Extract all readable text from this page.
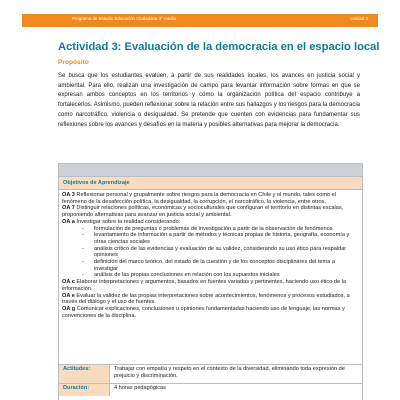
Programa de Estudio Educación Ciudadana 3° medio	Unidad 3
Actividad 3: Evaluación de la democracia en el espacio local
Propósito

Se busca que los estudiantes evalúen, a partir de sus realidades locales, los avances en justicia social y ambiental. Para ello, realizan una investigación de campo para levantar información sobre formas en que se expresan ambos conceptos en los territorios y cómo la organización política del espacio contribuye a fortalecerlos. Asimismo, pueden reflexionar sobre la relación entre sus hallazgos y los riesgos para la democracia como narcotráfico, violencia o desigualdad. Se pretende que cuenten con evidencias para fundamentar sus reflexiones sobre los avances y desafíos en la materia y posibles alternativas para mejorar la democracia.

Objetivos de Aprendizaje

OA 3 Reflexionar personal y grupalmente sobre riesgos para la democracia en Chile y el mundo, tales como el fenómeno de la desafección política, la desigualdad, la corrupción, el narcotráfico, la violencia, entre otros.

OA 7 Distinguir relaciones políticas, económicas y socioculturales que configuran el territorio en distintas escalas, proponiendo alternativas para avanzar en justicia social y ambiental.

OA a Investigar sobre la realidad considerando:

- formulación de preguntas o problemas de investigación a partir de la observación de fenómenos
- levantamiento de información a partir de métodos y técnicas propias de historia, geografía, economía y otras ciencias sociales
- análisis crítico de las evidencias y evaluación de su validez, considerando su uso ético para respaldar opiniones
- definición del marco teórico, del estado de la cuestión y de los conceptos disciplinares del tema a investigar
- análisis de las propias conclusiones en relación con los supuestos iniciales

OA c Elaborar interpretaciones y argumentos, basados en fuentes variadas y pertinentes, haciendo uso ético de la información.

OA e Evaluar la validez de las propias interpretaciones sobre acontecimientos, fenómenos y procesos estudiados, a través del diálogo y el uso de fuentes.

OA g Comunicar explicaciones, conclusiones u opiniones fundamentadas haciendo uso de lenguaje, las normas y convenciones de la disciplina.

Actitudes:	Trabajar con empatía y respeto en el contexto de la diversidad, eliminando toda expresión de prejuicio y discriminación.
Duración:	4 horas pedagógicas
